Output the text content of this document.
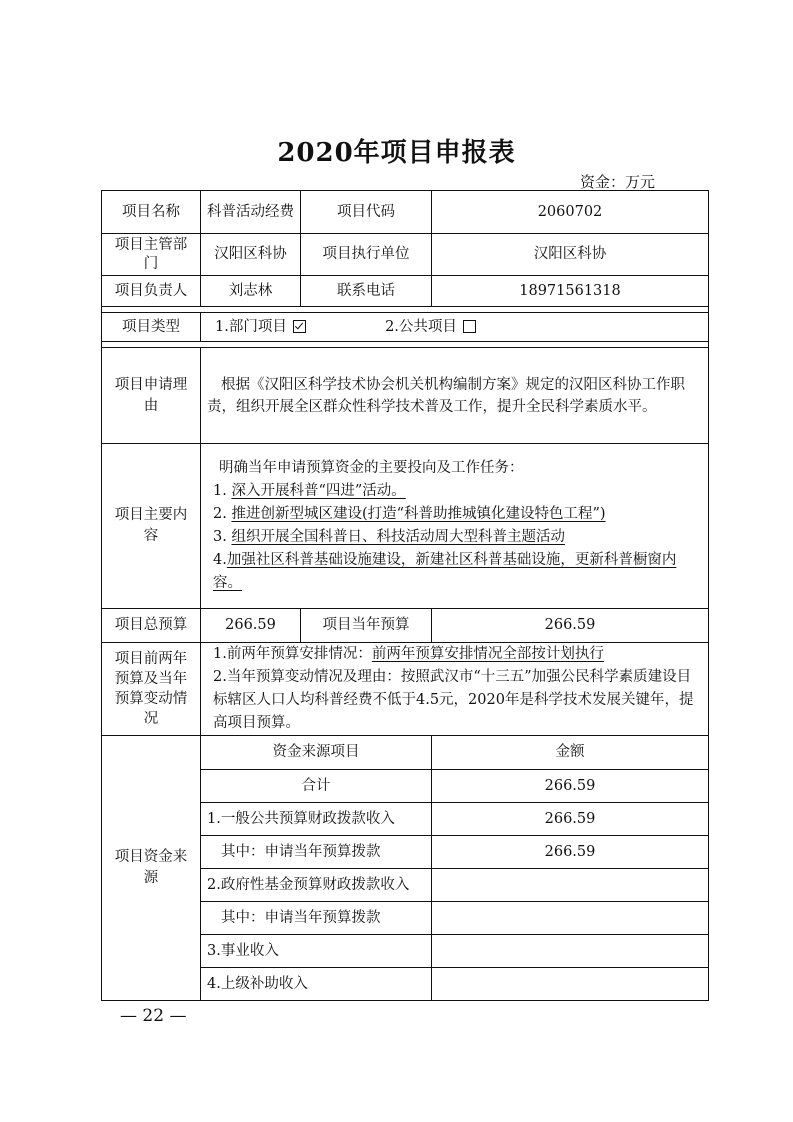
2020年项目申报表
资金：万元
项目名称	科普活动经费	项目代码	2060702
项目主管部门	汉阳区科协	项目执行单位	汉阳区科协
项目负责人	刘志林	联系电话	18971561318

项目类型	1.部门项目 2.公共项目		

项目申请理由	根据《汉阳区科学技术协会机关机构编制方案》规定的汉阳区科协工作职责，组织开展全区群众性科学技术普及工作，提升全民科学素质水平。		
项目主要内容	明确当年申请预算资金的主要投向及工作任务：

1. 深入开展科普“四进”活动。

2. 推进创新型城区建设(打造“科普助推城镇化建设特色工程”)

3. 组织开展全国科普日、科技活动周大型科普主题活动

4.加强社区科普基础设施建设，新建社区科普基础设施，更新科普橱窗内容。		

项目总预算	266.59	项目当年预算	266.59
项目前两年预算及当年预算变动情况	1.前两年预算安排情况：前两年预算安排情况全部按计划执行

2.当年预算变动情况及理由：按照武汉市“十三五”加强公民科学素质建设目标辖区人口人均科普经费不低于4.5元，2020年是科学技术发展关键年，提高项目预算。		

项目资金来源	资金来源项目		金额
	合计		266.59
	1.一般公共预算财政拨款收入		266.59
	其中：申请当年预算拨款		266.59
	2.政府性基金预算财政拨款收入		
	其中：申请当年预算拨款		
	3.事业收入		
	4.上级补助收入		
— 22 —
